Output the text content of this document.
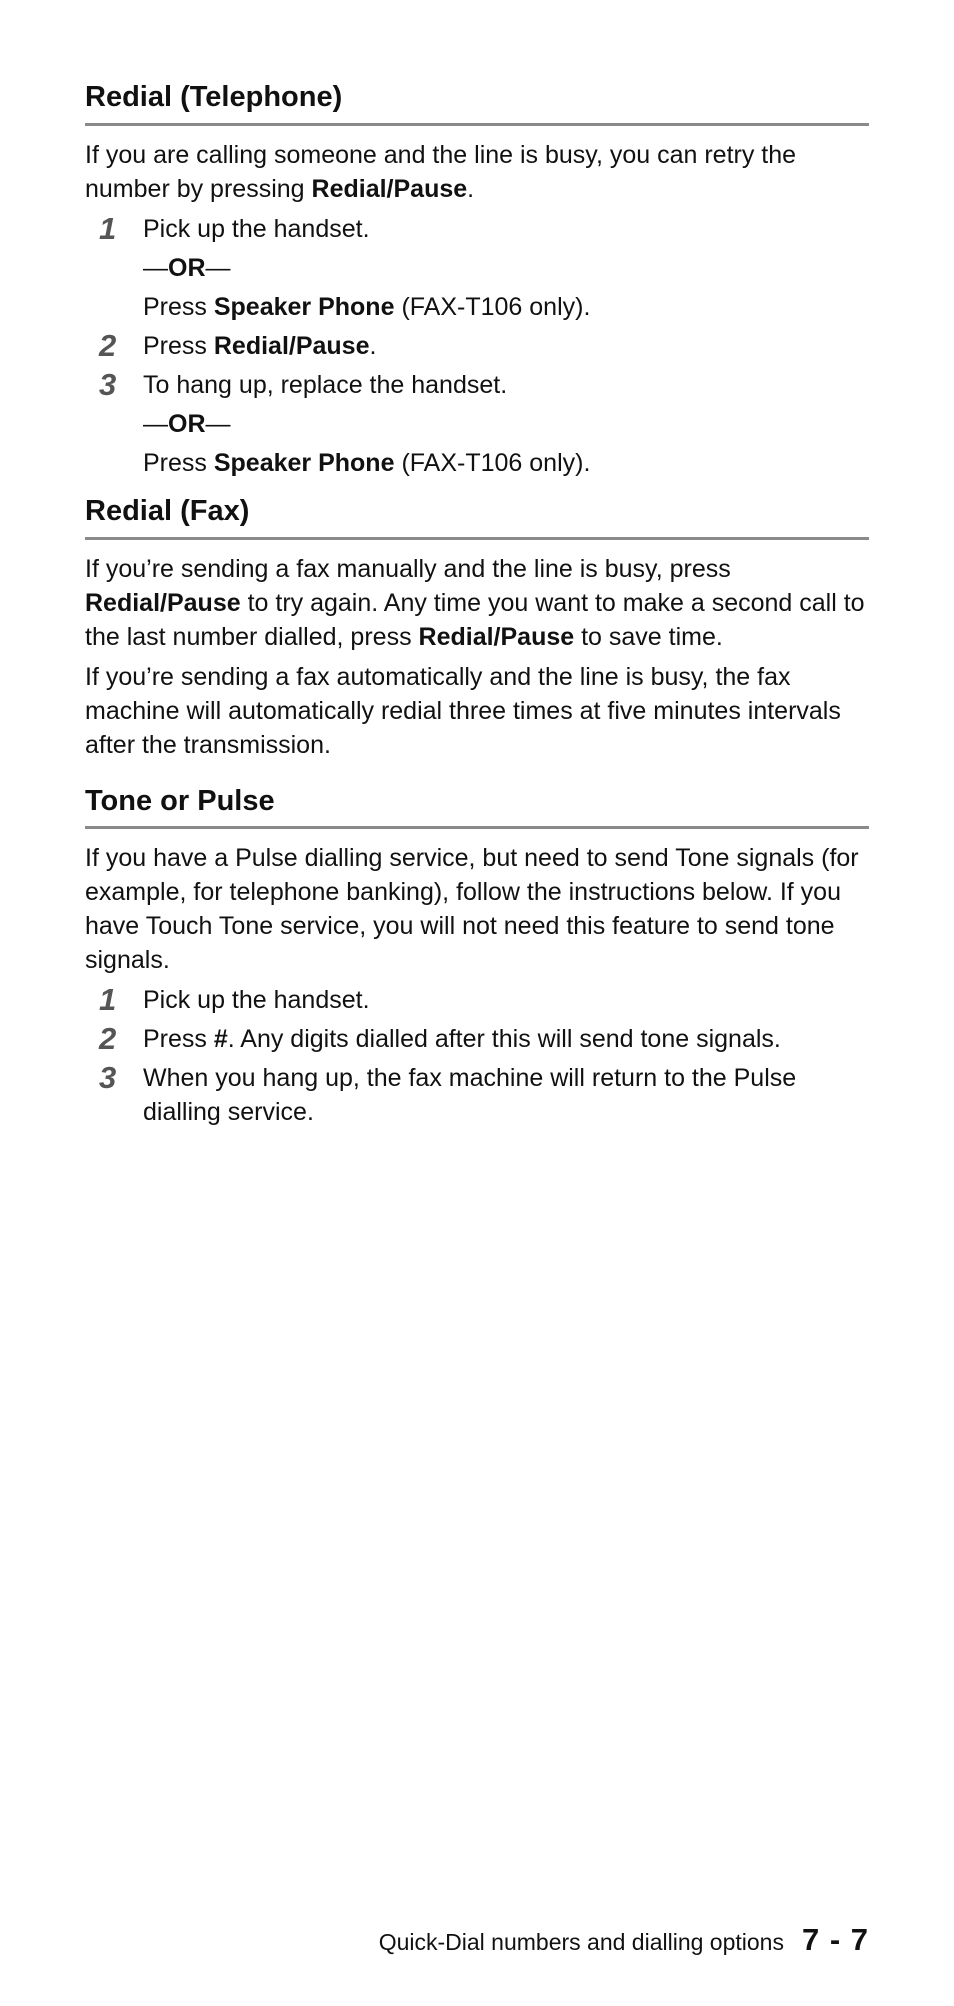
Redial (Telephone)

If you are calling someone and the line is busy, you can retry the number by pressing Redial/Pause.

1	Pick up the handset.
—OR—
Press Speaker Phone (FAX-T106 only).
2	Press Redial/Pause.
3	To hang up, replace the handset.
—OR—
Press Speaker Phone (FAX-T106 only).
Redial (Fax)

If you’re sending a fax manually and the line is busy, press Redial/Pause to try again. Any time you want to make a second call to the last number dialled, press Redial/Pause to save time.

If you’re sending a fax automatically and the line is busy, the fax machine will automatically redial three times at five minutes intervals after the transmission.

Tone or Pulse

If you have a Pulse dialling service, but need to send Tone signals (for example, for telephone banking), follow the instructions below. If you have Touch Tone service, you will not need this feature to send tone signals.

1	Pick up the handset.
2	Press #. Any digits dialled after this will send tone signals.
3	When you hang up, the fax machine will return to the Pulse dialling service.
Quick-Dial numbers and dialling options 7 - 7
